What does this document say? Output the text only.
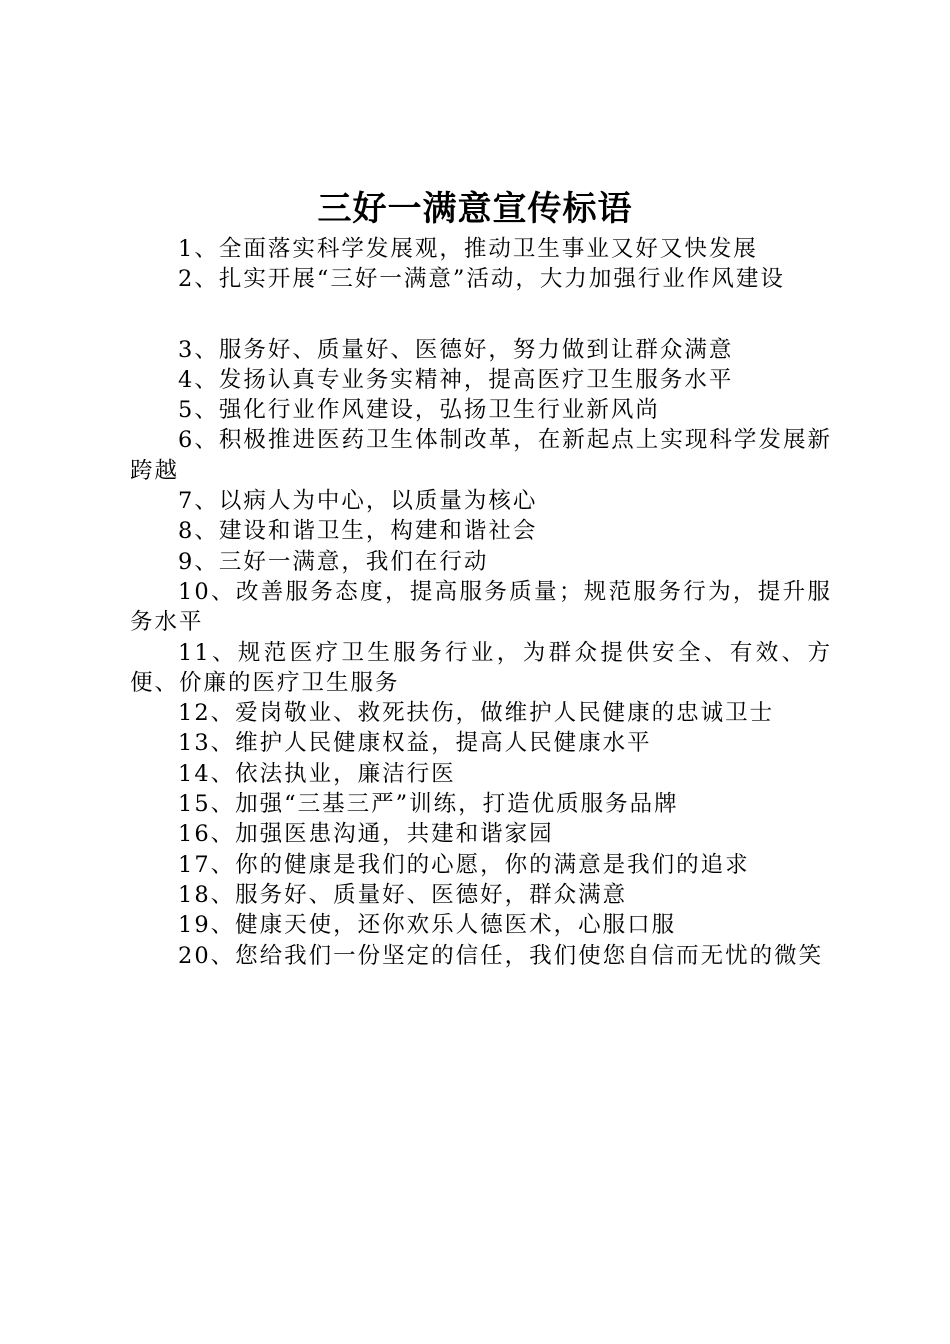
三好一满意宣传标语
1、全面落实科学发展观，推动卫生事业又好又快发展
2、扎实开展“三好一满意”活动，大力加强行业作风建设
3、服务好、质量好、医德好，努力做到让群众满意
4、发扬认真专业务实精神，提高医疗卫生服务水平
5、强化行业作风建设，弘扬卫生行业新风尚
6、积极推进医药卫生体制改革，在新起点上实现科学发展新跨越
7、以病人为中心，以质量为核心
8、建设和谐卫生，构建和谐社会
9、三好一满意，我们在行动
10、改善服务态度，提高服务质量；规范服务行为，提升服务水平
11、规范医疗卫生服务行业，为群众提供安全、有效、方便、价廉的医疗卫生服务
12、爱岗敬业、救死扶伤，做维护人民健康的忠诚卫士
13、维护人民健康权益，提高人民健康水平
14、依法执业，廉洁行医
15、加强“三基三严”训练，打造优质服务品牌
16、加强医患沟通，共建和谐家园
17、你的健康是我们的心愿，你的满意是我们的追求
18、服务好、质量好、医德好，群众满意
19、健康天使，还你欢乐人德医术，心服口服
20、您给我们一份坚定的信任，我们使您自信而无忧的微笑
